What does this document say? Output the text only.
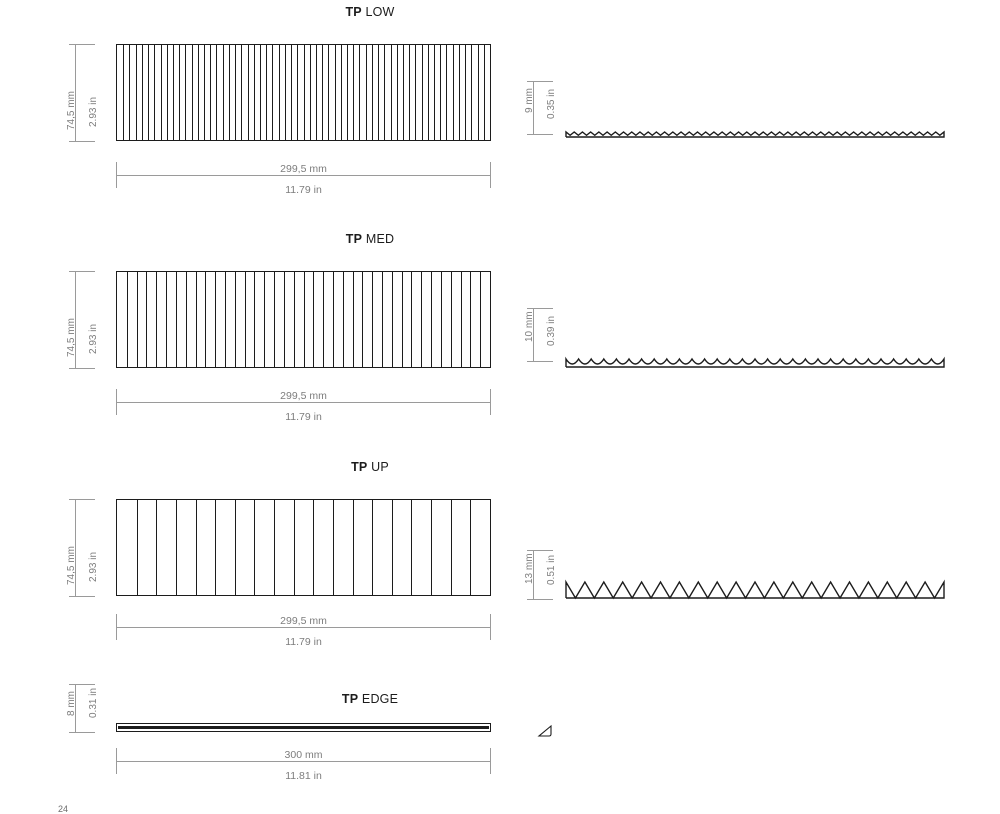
TP LOW
74,5 mm 2.93 in
299,5 mm
11.79 in
9 mm 0.35 in
TP MED
74,5 mm 2.93 in
299,5 mm
11.79 in
10 mm 0.39 in
TP UP
74,5 mm 2.93 in
299,5 mm
11.79 in
13 mm 0.51 in
TP EDGE
8 mm 0.31 in
300 mm
11.81 in
24
